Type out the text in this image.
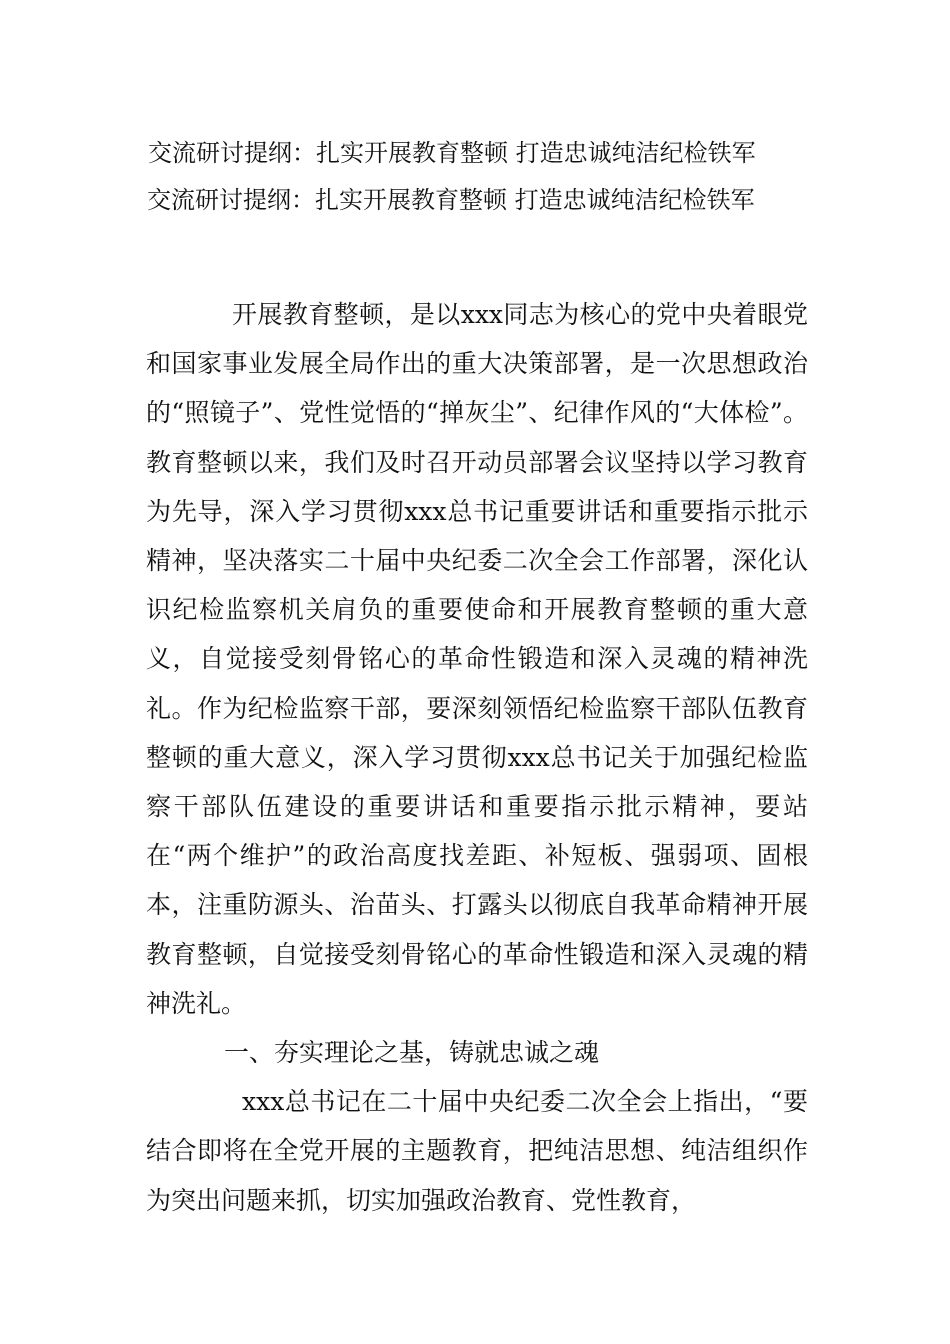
交流研讨提纲：扎实开展教育整顿 打造忠诚纯洁纪检铁军
交流研讨提纲：扎实开展教育整顿 打造忠诚纯洁纪检铁军

开展教育整顿，是以xxx同志为核心的党中央着眼党和国家事业发展全局作出的重大决策部署，是一次思想政治的“照镜子”、党性觉悟的“掸灰尘”、纪律作风的“大体检”。教育整顿以来，我们及时召开动员部署会议坚持以学习教育为先导，深入学习贯彻xxx总书记重要讲话和重要指示批示精神，坚决落实二十届中央纪委二次全会工作部署，深化认识纪检监察机关肩负的重要使命和开展教育整顿的重大意义，自觉接受刻骨铭心的革命性锻造和深入灵魂的精神洗礼。作为纪检监察干部，要深刻领悟纪检监察干部队伍教育整顿的重大意义，深入学习贯彻xxx总书记关于加强纪检监察干部队伍建设的重要讲话和重要指示批示精神，要站在“两个维护”的政治高度找差距、补短板、强弱项、固根本，注重防源头、治苗头、打露头以彻底自我革命精神开展教育整顿，自觉接受刻骨铭心的革命性锻造和深入灵魂的精神洗礼。

一、夯实理论之基，铸就忠诚之魂

xxx总书记在二十届中央纪委二次全会上指出，“要结合即将在全党开展的主题教育，把纯洁思想、纯洁组织作为突出问题来抓，切实加强政治教育、党性教育，
